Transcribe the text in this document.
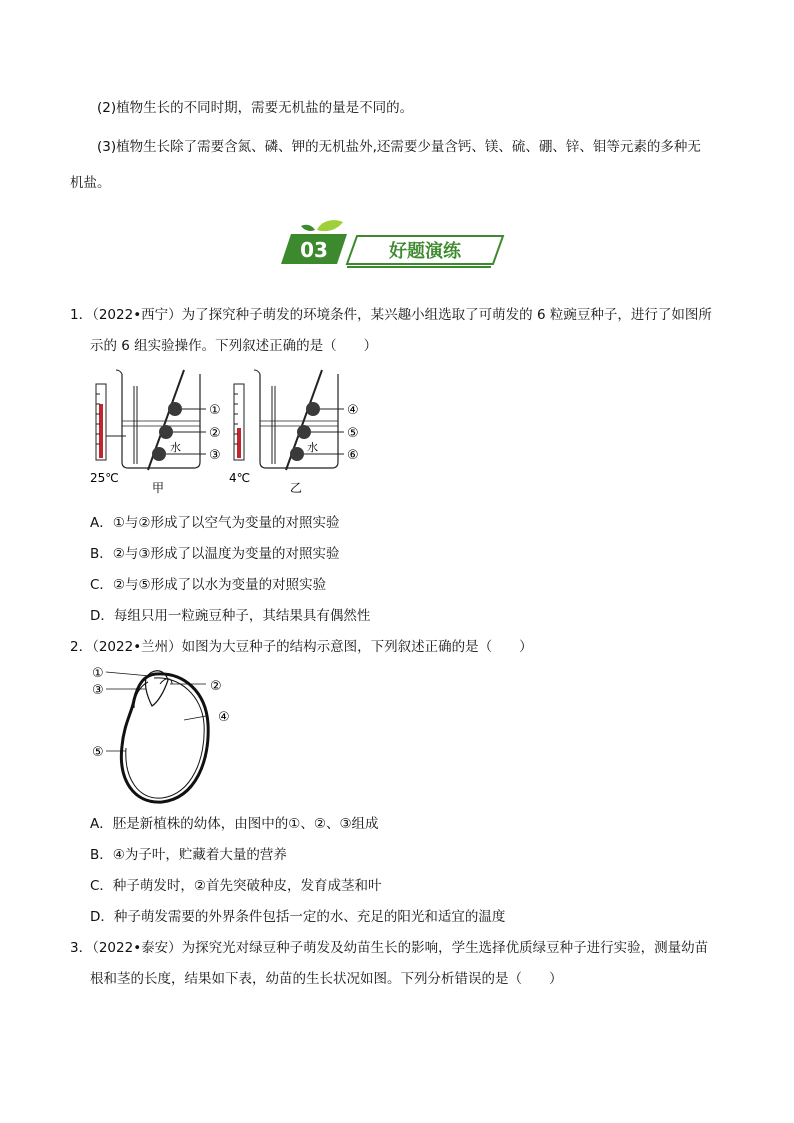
(2)植物生长的不同时期，需要无机盐的量是不同的。
(3)植物生长除了需要含氮、磷、钾的无机盐外,还需要少量含钙、镁、硫、硼、锌、钼等元素的多种无
机盐。
03	好题演练
1．（2022•西宁）为了探究种子萌发的环境条件，某兴趣小组选取了可萌发的 6 粒豌豆种子，进行了如图所
示的 6 组实验操作。下列叙述正确的是（　　）
25℃
水
①
②
③
甲
4℃
水
④
⑤
⑥
乙
A．①与②形成了以空气为变量的对照实验
B．②与③形成了以温度为变量的对照实验
C．②与⑤形成了以水为变量的对照实验
D．每组只用一粒豌豆种子，其结果具有偶然性
2．（2022•兰州）如图为大豆种子的结构示意图，下列叙述正确的是（　　）
①
②
③
④
⑤
A．胚是新植株的幼体，由图中的①、②、③组成
B．④为子叶，贮藏着大量的营养
C．种子萌发时，②首先突破种皮，发育成茎和叶
D．种子萌发需要的外界条件包括一定的水、充足的阳光和适宜的温度
3．（2022•泰安）为探究光对绿豆种子萌发及幼苗生长的影响，学生选择优质绿豆种子进行实验，测量幼苗
根和茎的长度，结果如下表，幼苗的生长状况如图。下列分析错误的是（　　）
